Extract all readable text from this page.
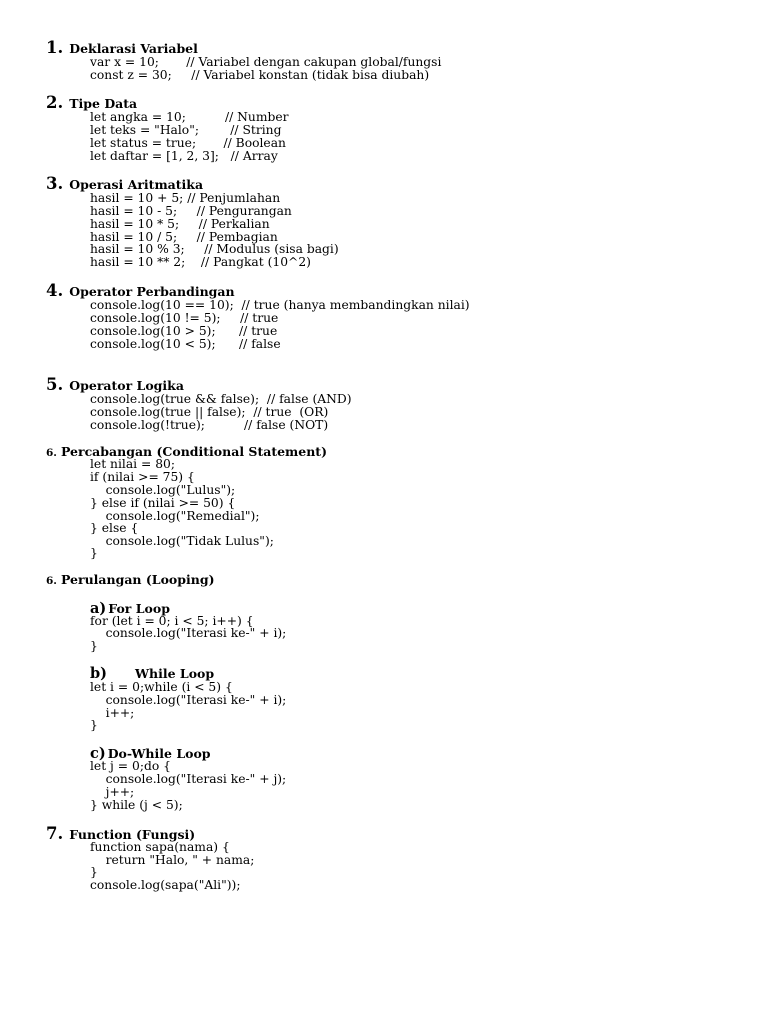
1. Deklarasi Variabel
var x = 10;       // Variabel dengan cakupan global/fungsi
const z = 30;     // Variabel konstan (tidak bisa diubah)
2. Tipe Data
let angka = 10;          // Number
let teks = "Halo";        // String
let status = true;       // Boolean
let daftar = [1, 2, 3];   // Array
3. Operasi Aritmatika
hasil = 10 + 5; // Penjumlahan
hasil = 10 - 5;     // Pengurangan
hasil = 10 * 5;     // Perkalian
hasil = 10 / 5;     // Pembagian
hasil = 10 % 3;     // Modulus (sisa bagi)
hasil = 10 ** 2;    // Pangkat (10^2)
4. Operator Perbandingan
console.log(10 == 10);  // true (hanya membandingkan nilai)
console.log(10 != 5);     // true
console.log(10 > 5);      // true
console.log(10 < 5);      // false
5. Operator Logika
console.log(true && false);  // false (AND)
console.log(true || false);  // true  (OR)
console.log(!true);          // false (NOT)
6. Percabangan (Conditional Statement)
let nilai = 80;
if (nilai >= 75) {
console.log("Lulus");
} else if (nilai >= 50) {
console.log("Remedial");
} else {
console.log("Tidak Lulus");
}
6. Perulangan (Looping)
a) For Loop
for (let i = 0; i < 5; i++) {
console.log("Iterasi ke-" + i);
}
b) While Loop
let i = 0;while (i < 5) {
console.log("Iterasi ke-" + i);
i++;
}
c) Do-While Loop
let j = 0;do {
console.log("Iterasi ke-" + j);
j++;
} while (j < 5);
7. Function (Fungsi)
function sapa(nama) {
return "Halo, " + nama;
}
console.log(sapa("Ali"));
